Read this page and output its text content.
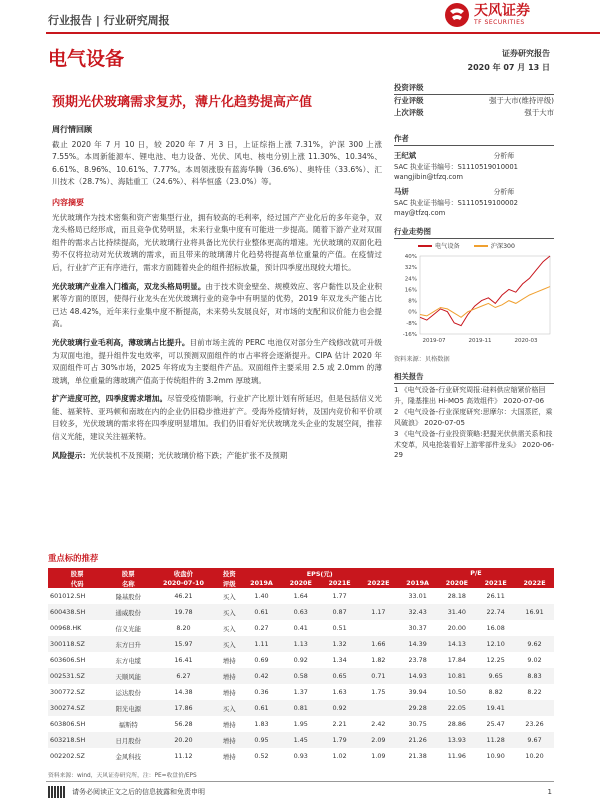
行业报告 | 行业研究周报
天风证券
TF SECURITIES
电气设备	证券研究报告
2020 年 07 月 13 日
预期光伏玻璃需求复苏，薄片化趋势提高产值
周行情回顾
截止 2020 年 7 月 10 日，较 2020 年 7 月 3 日，上证综指上涨 7.31%，沪深 300 上涨 7.55%。本周新能源车、锂电池、电力设备、光伏、风电、核电分别上涨 11.30%、10.34%、6.61%、8.96%、10.61%、7.77%。本周领涨股有蓝海华腾（36.6%）、奥特佳（33.6%）、汇川技术（28.7%）、海陆重工（24.6%）、科华恒盛（23.0%）等。
内容摘要
光伏玻璃作为技术密集和资产密集型行业，拥有较高的毛利率，经过国产产业化后的多年竞争，双龙头格局已经形成，而且竞争优势明显，未来行业集中度有可能进一步提高。随着下游产业对双面组件的需求占比持续提高，光伏玻璃行业将具备比光伏行业整体更高的增速。光伏玻璃的双面化趋势不仅将拉动对光伏玻璃的需求，而且带来的玻璃薄片化趋势将提高单位重量的产值。在疫情过后，行业扩产正有序进行，需求方面随着央企的组件招标放量，预计四季度出现较大增长。
光伏玻璃产业准入门槛高，双龙头格局明显。由于技术资金壁垒、规模效应、客户黏性以及企业积累等方面的原因，使得行业龙头在光伏玻璃行业的竞争中有明显的优势，2019 年双龙头产能占比已达 48.42%，近年来行业集中度不断提高，未来势头发展良好，对市场的支配和议价能力也会提高。
光伏玻璃行业毛利高，薄玻璃占比提升。目前市场主流的 PERC 电池仅对部分生产线修改就可升级为双面电池，提升组件发电效率，可以预测双面组件的市占率将会逐渐提升。CIPA 估计 2020 年双面组件可占 30%市场，2025 年将成为主要组件产品。双面组件主要采用 2.5 或 2.0mm 的薄玻璃，单位重量的薄玻璃产值高于传统组件的 3.2mm 厚玻璃。
扩产进度可控，四季度需求增加。尽管受疫情影响，行业扩产比原计划有所延迟，但是包括信义光能、福莱特、亚玛顿和南玻在内的企业仍旧稳步推进扩产。受海外疫情好转，及国内竞价和平价项目较多，光伏玻璃的需求将在四季度明显增加。我们仍旧看好光伏玻璃龙头企业的发展空间，推荐信义光能，建议关注福莱特。
风险提示：光伏装机不及预期；光伏玻璃价格下跌；产能扩张不及预期
投资评级
行业评级	强于大市(维持评级)
上次评级	强于大市
作者
王纪斌	分析师
SAC 执业证书编号：S1110519010001
wangjibin@tfzq.com
马妍	分析师
SAC 执业证书编号：S1110519100002
may@tfzq.com
行业走势图
电气设备	沪深300
40%
32%
24%
16%
8%
0%
-8%
-16%
2019-07	2019-11	2020-03
资料来源：贝格数据
相关报告
1 《电气设备-行业研究周报:硅料供应缩紧价格回升，隆基推出 Hi-MO5 高效组件》 2020-07-06
2 《电气设备-行业深度研究:思摩尔：大国蒸匠，乘风破浪》 2020-07-05
3 《电气设备-行业投资策略:把握光伏供需关系和技术变革，风电抢装看好上游零部件龙头》 2020-06-29
重点标的推荐
股票	股票	收盘价	投资	EPS(元)				P/E			
代码	名称	2020-07-10	评级	2019A	2020E	2021E	2022E	2019A	2020E	2021E	2022E
601012.SH	隆基股份	46.21	买入	1.40	1.64	1.77		33.01	28.18	26.11	
600438.SH	通威股份	19.78	买入	0.61	0.63	0.87	1.17	32.43	31.40	22.74	16.91
00968.HK	信义光能	8.20	买入	0.27	0.41	0.51		30.37	20.00	16.08	
300118.SZ	东方日升	15.97	买入	1.11	1.13	1.32	1.66	14.39	14.13	12.10	9.62
603606.SH	东方电缆	16.41	增持	0.69	0.92	1.34	1.82	23.78	17.84	12.25	9.02
002531.SZ	天顺风能	6.27	增持	0.42	0.58	0.65	0.71	14.93	10.81	9.65	8.83
300772.SZ	运达股份	14.38	增持	0.36	1.37	1.63	1.75	39.94	10.50	8.82	8.22
300274.SZ	阳光电源	17.86	买入	0.61	0.81	0.92		29.28	22.05	19.41	
603806.SH	福斯特	56.28	增持	1.83	1.95	2.21	2.42	30.75	28.86	25.47	23.26
603218.SH	日月股份	20.20	增持	0.95	1.45	1.79	2.09	21.26	13.93	11.28	9.67
002202.SZ	金风科技	11.12	增持	0.52	0.93	1.02	1.09	21.38	11.96	10.90	10.20
资料来源：wind，天风证券研究所，注：PE=收盘价/EPS
请务必阅读正文之后的信息披露和免责申明	1
